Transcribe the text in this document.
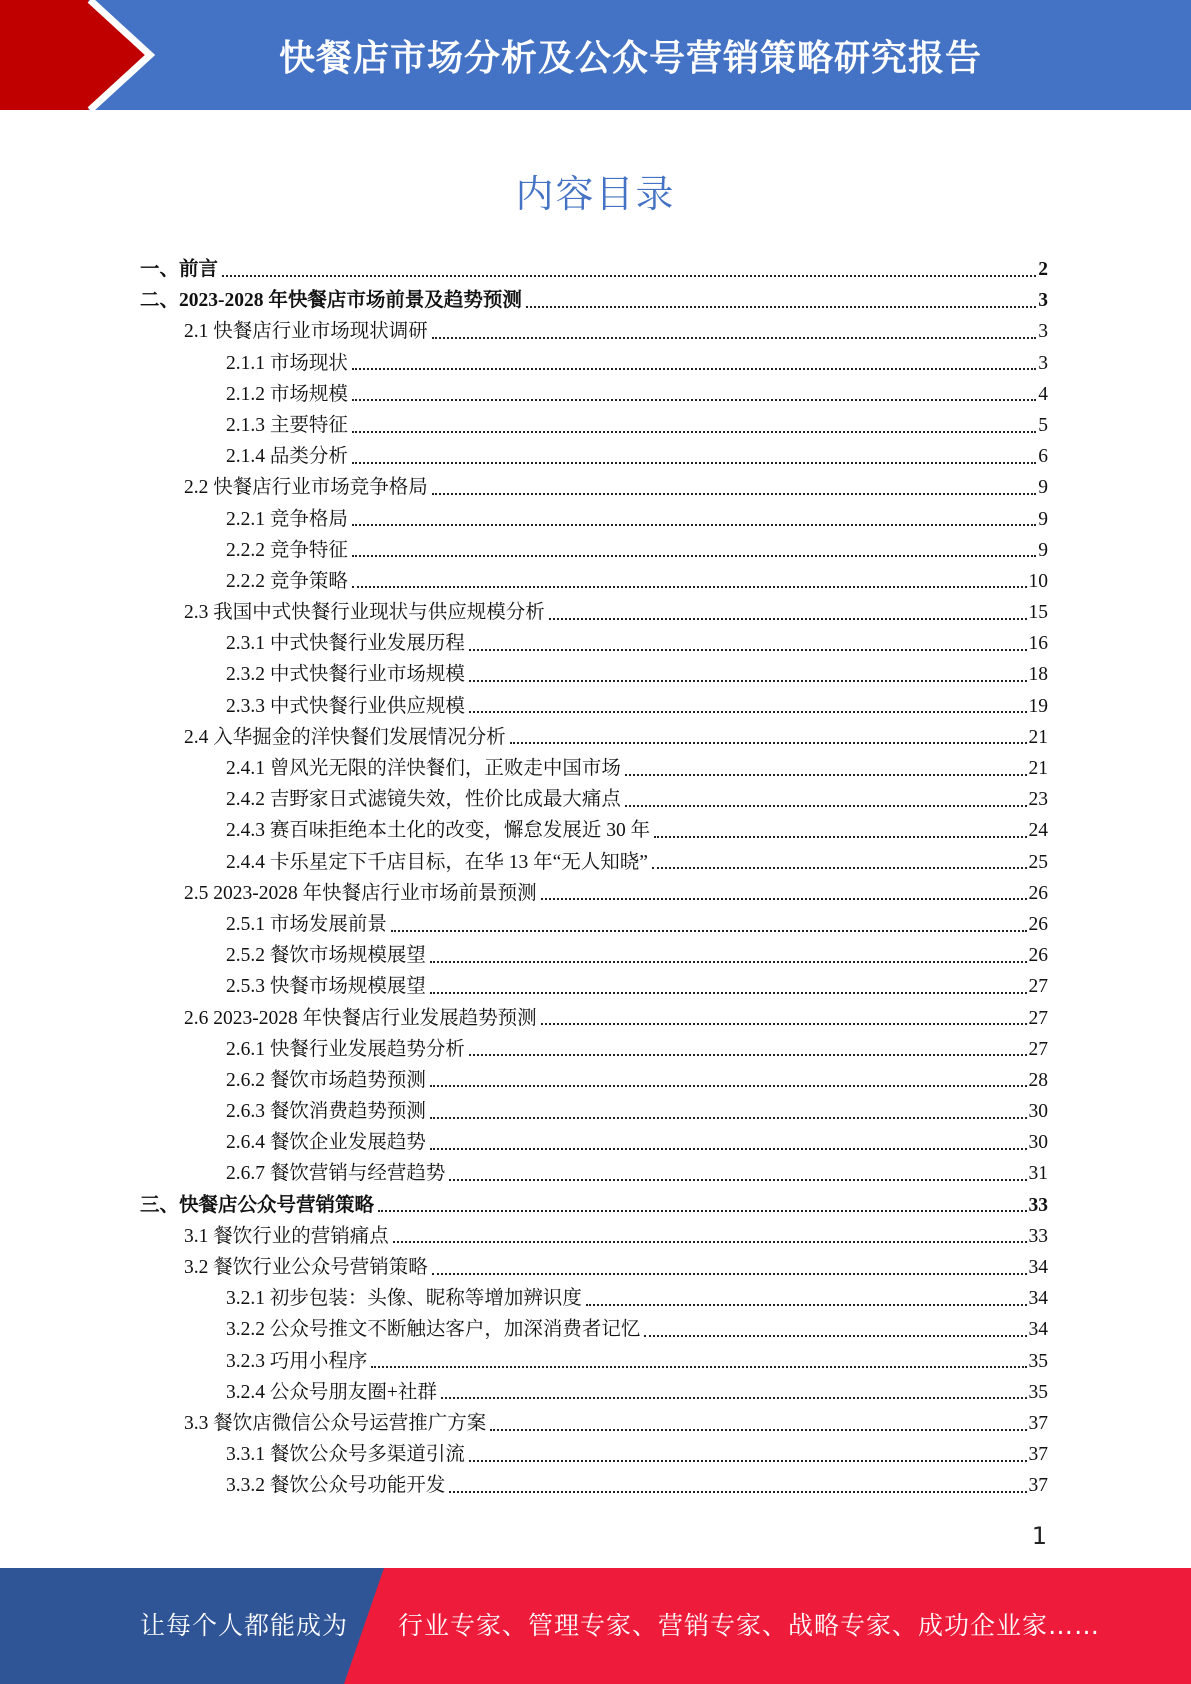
快餐店市场分析及公众号营销策略研究报告
内容目录
一、前言	2
二、2023-2028 年快餐店市场前景及趋势预测	3
2.1 快餐店行业市场现状调研	3
2.1.1 市场现状	3
2.1.2 市场规模	4
2.1.3 主要特征	5
2.1.4 品类分析	6
2.2 快餐店行业市场竞争格局	9
2.2.1 竞争格局	9
2.2.2 竞争特征	9
2.2.2 竞争策略	10
2.3 我国中式快餐行业现状与供应规模分析	15
2.3.1 中式快餐行业发展历程	16
2.3.2 中式快餐行业市场规模	18
2.3.3 中式快餐行业供应规模	19
2.4 入华掘金的洋快餐们发展情况分析	21
2.4.1 曾风光无限的洋快餐们，正败走中国市场	21
2.4.2 吉野家日式滤镜失效，性价比成最大痛点	23
2.4.3 赛百味拒绝本土化的改变，懈怠发展近 30 年	24
2.4.4 卡乐星定下千店目标，在华 13 年“无人知晓”	25
2.5 2023-2028 年快餐店行业市场前景预测	26
2.5.1 市场发展前景	26
2.5.2 餐饮市场规模展望	26
2.5.3 快餐市场规模展望	27
2.6 2023-2028 年快餐店行业发展趋势预测	27
2.6.1 快餐行业发展趋势分析	27
2.6.2 餐饮市场趋势预测	28
2.6.3 餐饮消费趋势预测	30
2.6.4 餐饮企业发展趋势	30
2.6.7 餐饮营销与经营趋势	31
三、快餐店公众号营销策略	33
3.1 餐饮行业的营销痛点	33
3.2 餐饮行业公众号营销策略	34
3.2.1 初步包装：头像、昵称等增加辨识度	34
3.2.2 公众号推文不断触达客户，加深消费者记忆	34
3.2.3 巧用小程序	35
3.2.4 公众号朋友圈+社群	35
3.3 餐饮店微信公众号运营推广方案	37
3.3.1 餐饮公众号多渠道引流	37
3.3.2 餐饮公众号功能开发	37
1
让每个人都能成为 行业专家、管理专家、营销专家、战略专家、成功企业家……
